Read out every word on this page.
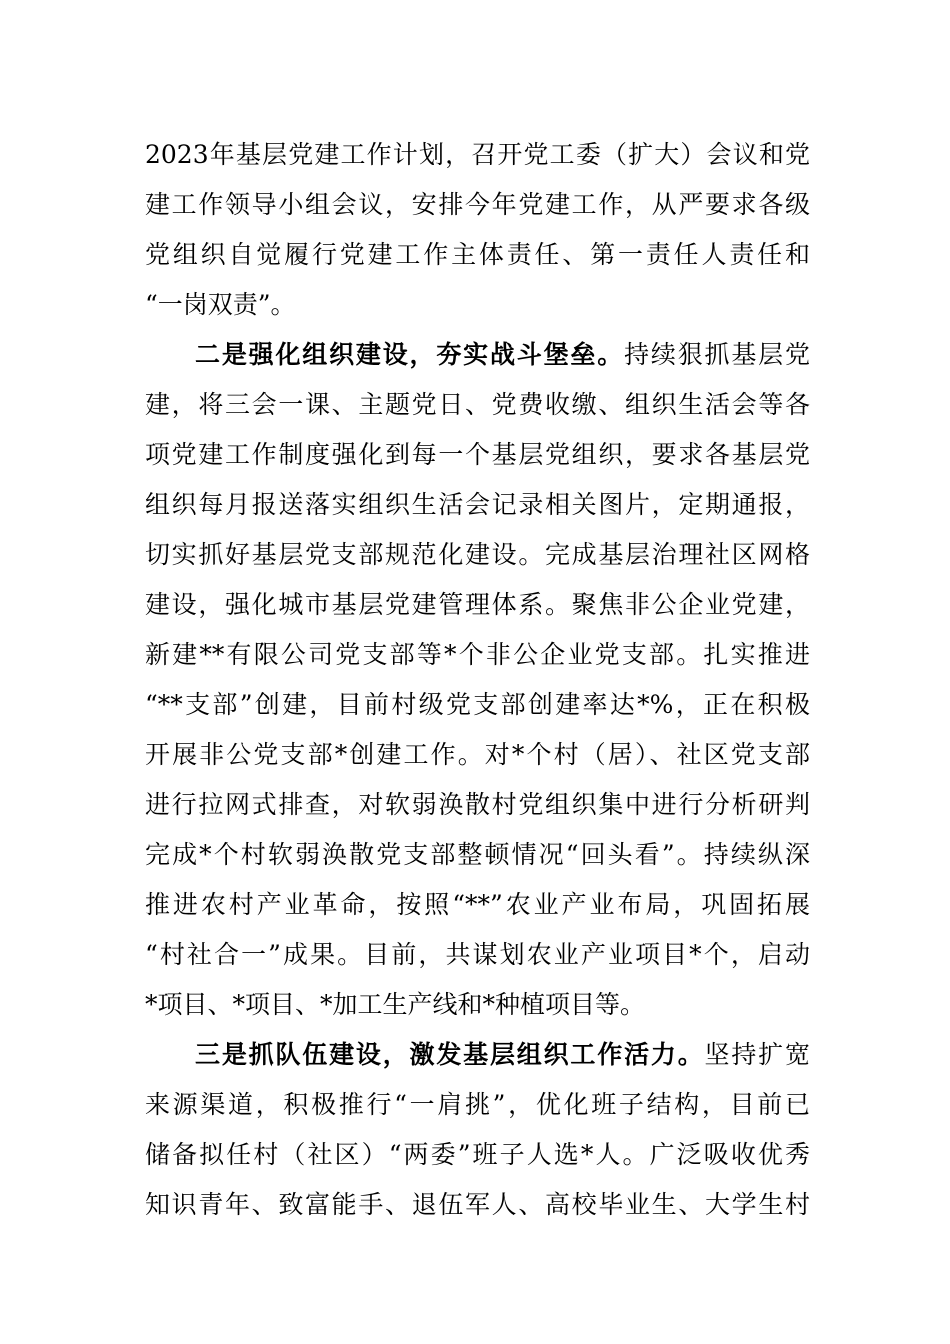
2023年基层党建工作计划，召开党工委（扩大）会议和党
建工作领导小组会议，安排今年党建工作，从严要求各级
党组织自觉履行党建工作主体责任、第一责任人责任和
“一岗双责”。
二是强化组织建设，夯实战斗堡垒。持续狠抓基层党
建，将三会一课、主题党日、党费收缴、组织生活会等各
项党建工作制度强化到每一个基层党组织，要求各基层党
组织每月报送落实组织生活会记录相关图片，定期通报，
切实抓好基层党支部规范化建设。完成基层治理社区网格
建设，强化城市基层党建管理体系。聚焦非公企业党建，
新建**有限公司党支部等*个非公企业党支部。扎实推进
“**支部”创建，目前村级党支部创建率达*%，正在积极
开展非公党支部*创建工作。对*个村（居）、社区党支部
进行拉网式排查，对软弱涣散村党组织集中进行分析研判
完成*个村软弱涣散党支部整顿情况“回头看”。持续纵深
推进农村产业革命，按照“**”农业产业布局，巩固拓展
“村社合一”成果。目前，共谋划农业产业项目*个，启动
*项目、*项目、*加工生产线和*种植项目等。
三是抓队伍建设，激发基层组织工作活力。坚持扩宽
来源渠道，积极推行“一肩挑”，优化班子结构，目前已
储备拟任村（社区）“两委”班子人选*人。广泛吸收优秀
知识青年、致富能手、退伍军人、高校毕业生、大学生村
